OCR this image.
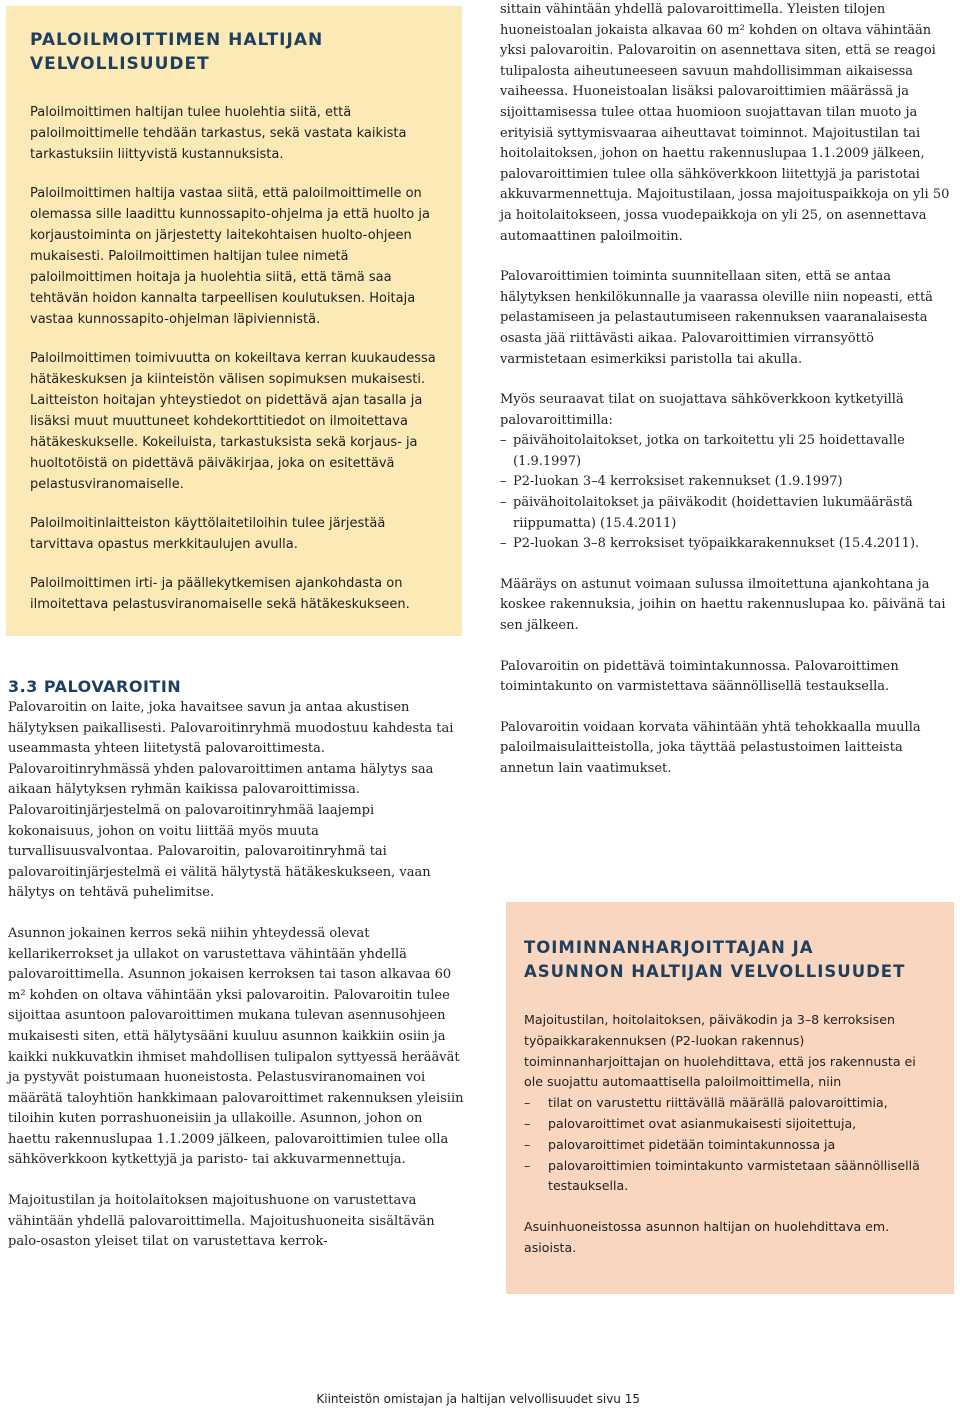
PALOILMOITTIMEN HALTIJAN
VELVOLLISUUDET

Paloilmoittimen haltijan tulee huolehtia siitä, että paloilmoittimelle tehdään tarkastus, sekä vastata kaikista tarkastuksiin liittyvistä kustannuksista.

Paloilmoittimen haltija vastaa siitä, että paloilmoittimelle on olemassa sille laadittu kunnossapito-ohjelma ja että huolto ja korjaustoiminta on järjestetty laitekohtaisen huolto-ohjeen mukaisesti. Paloilmoittimen haltijan tulee nimetä paloilmoittimen hoitaja ja huolehtia siitä, että tämä saa tehtävän hoidon kannalta tarpeellisen koulutuksen. Hoitaja vastaa kunnossapito-ohjelman läpiviennistä.

Paloilmoittimen toimivuutta on kokeiltava kerran kuukaudessa hätäkeskuksen ja kiinteistön välisen sopimuksen mukaisesti. Laitteiston hoitajan yhteystiedot on pidettävä ajan tasalla ja lisäksi muut muuttuneet kohdekorttitiedot on ilmoitettava hätäkeskukselle. Kokeiluista, tarkastuksista sekä korjaus- ja huoltotöistä on pidettävä päiväkirjaa, joka on esitettävä pelastusviranomaiselle.

Paloilmoitinlaitteiston käyttölaitetiloihin tulee järjestää tarvittava opastus merkkitaulujen avulla.

Paloilmoittimen irti- ja päällekytkemisen ajankohdasta on ilmoitettava pelastusviranomaiselle sekä hätäkeskukseen.

3.3 PALOVAROITIN

Palovaroitin on laite, joka havaitsee savun ja antaa akustisen hälytyksen paikallisesti. Palovaroitinryhmä muodostuu kahdesta tai useammasta yhteen liitetystä palovaroittimesta. Palovaroitinryhmässä yhden palovaroittimen antama hälytys saa aikaan hälytyksen ryhmän kaikissa palovaroittimissa. Palovaroitinjärjestelmä on palovaroitinryhmää laajempi kokonaisuus, johon on voitu liittää myös muuta turvallisuusvalvontaa. Palovaroitin, palovaroitinryhmä tai palovaroitinjärjestelmä ei välitä hälytystä hätäkeskukseen, vaan hälytys on tehtävä puhelimitse.

Asunnon jokainen kerros sekä niihin yhteydessä olevat kellarikerrokset ja ullakot on varustettava vähintään yhdellä palovaroittimella. Asunnon jokaisen kerroksen tai tason alkavaa 60 m² kohden on oltava vähintään yksi palovaroitin. Palovaroitin tulee sijoittaa asuntoon palovaroittimen mukana tulevan asennusohjeen mukaisesti siten, että hälytysääni kuuluu asunnon kaikkiin osiin ja kaikki nukkuvatkin ihmiset mahdollisen tulipalon syttyessä heräävät ja pystyvät poistumaan huoneistosta. Pelastusviranomainen voi määrätä taloyhtiön hankkimaan palovaroittimet rakennuksen yleisiin tiloihin kuten porrashuoneisiin ja ullakoille. Asunnon, johon on haettu rakennuslupaa 1.1.2009 jälkeen, palovaroittimien tulee olla sähköverkkoon kytkettyjä ja paristo- tai akkuvarmennettuja.

Majoitustilan ja hoitolaitoksen majoitushuone on varustettava vähintään yhdellä palovaroittimella. Majoitushuoneita sisältävän palo-osaston yleiset tilat on varustettava kerrok-

sittain vähintään yhdellä palovaroittimella. Yleisten tilojen huoneistoalan jokaista alkavaa 60 m² kohden on oltava vähintään yksi palovaroitin. Palovaroitin on asennettava siten, että se reagoi tulipalosta aiheutuneeseen savuun mahdollisimman aikaisessa vaiheessa. Huoneistoalan lisäksi palovaroittimien määrässä ja sijoittamisessa tulee ottaa huomioon suojattavan tilan muoto ja erityisiä syttymisvaaraa aiheuttavat toiminnot. Majoitustilan tai hoitolaitoksen, johon on haettu rakennuslupaa 1.1.2009 jälkeen, palovaroittimien tulee olla sähköverkkoon liitettyjä ja paristotai akkuvarmennettuja. Majoitustilaan, jossa majoituspaikkoja on yli 50 ja hoitolaitokseen, jossa vuodepaikkoja on yli 25, on asennettava automaattinen paloilmoitin.

Palovaroittimien toiminta suunnitellaan siten, että se antaa hälytyksen henkilökunnalle ja vaarassa oleville niin nopeasti, että pelastamiseen ja pelastautumiseen rakennuksen vaaranalaisesta osasta jää riittävästi aikaa. Palovaroittimien virransyöttö varmistetaan esimerkiksi paristolla tai akulla.

Myös seuraavat tilat on suojattava sähköverkkoon kytketyillä palovaroittimilla:

– päivähoitolaitokset, jotka on tarkoitettu yli 25 hoidettavalle (1.9.1997)
– P2-luokan 3–4 kerroksiset rakennukset (1.9.1997)
– päivähoitolaitokset ja päiväkodit (hoidettavien lukumäärästä riippumatta) (15.4.2011)
– P2-luokan 3–8 kerroksiset työpaikkarakennukset (15.4.2011).

Määräys on astunut voimaan sulussa ilmoitettuna ajankohtana ja koskee rakennuksia, joihin on haettu rakennuslupaa ko. päivänä tai sen jälkeen.

Palovaroitin on pidettävä toimintakunnossa. Palovaroittimen toimintakunto on varmistettava säännöllisellä testauksella.

Palovaroitin voidaan korvata vähintään yhtä tehokkaalla muulla paloilmaisulaitteistolla, joka täyttää pelastustoimen laitteista annetun lain vaatimukset.

TOIMINNANHARJOITTAJAN JA
ASUNNON HALTIJAN VELVOLLISUUDET

Majoitustilan, hoitolaitoksen, päiväkodin ja 3–8 kerroksisen työpaikkarakennuksen (P2-luokan rakennus) toiminnanharjoittajan on huolehdittava, että jos rakennusta ei ole suojattu automaattisella paloilmoittimella, niin

– tilat on varustettu riittävällä määrällä palovaroittimia,
– palovaroittimet ovat asianmukaisesti sijoitettuja,
– palovaroittimet pidetään toimintakunnossa ja
– palovaroittimien toimintakunto varmistetaan säännöllisellä testauksella.

Asuinhuoneistossa asunnon haltijan on huolehdittava em. asioista.

Kiinteistön omistajan ja haltijan velvollisuudet sivu 15
